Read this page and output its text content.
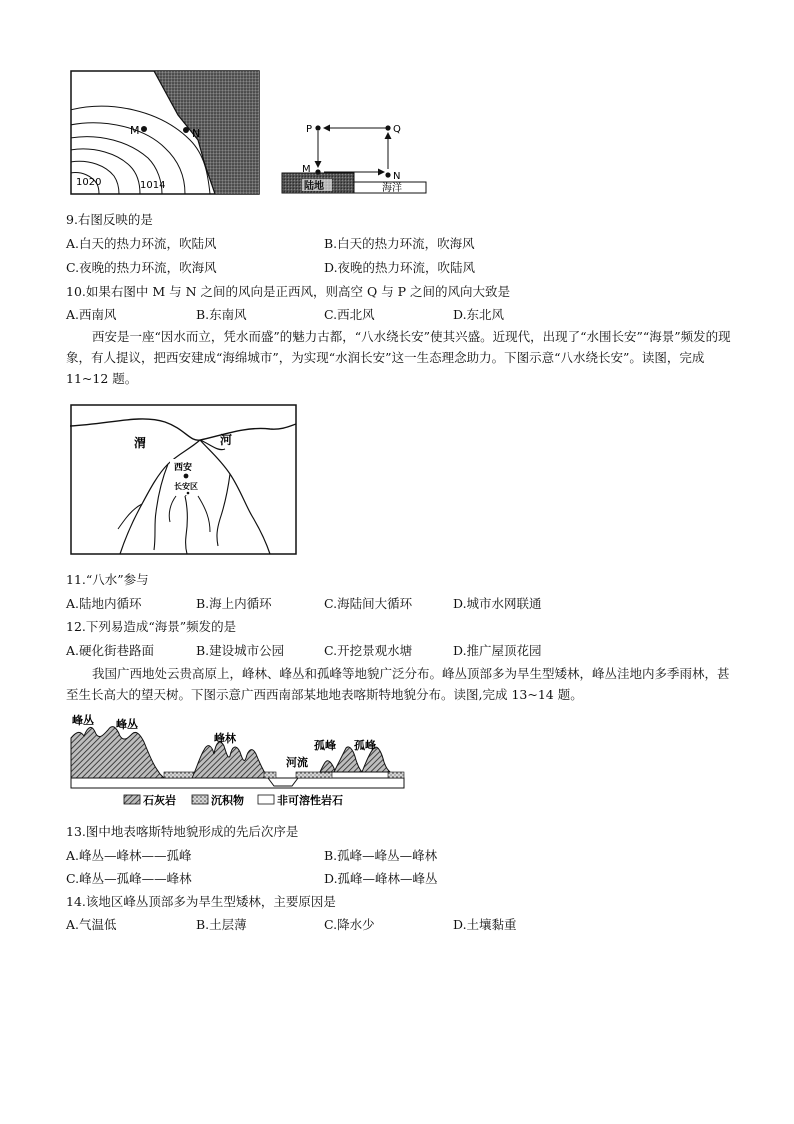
M	N
1020	1014	陆地	海洋
P	Q
M
N
9.右图反映的是
A.白天的热力环流，吹陆风	B.白天的热力环流，吹海风
C.夜晚的热力环流，吹海风	D.夜晚的热力环流，吹陆风
10.如果右图中 M 与 N 之间的风向是正西风，则高空 Q 与 P 之间的风向大致是
A.西南风	B.东南风	C.西北风	D.东北风
西安是一座“因水而立，凭水而盛”的魅力古都，“八水绕长安”使其兴盛。近现代，出现了“水围长安”“海景”频发的现象，有人提议，把西安建成“海绵城市”，为实现“水润长安”这一生态理念助力。下图示意“八水绕长安”。读图，完成 11~12 题。
河
渭
西安
长安区
11.“八水”参与
A.陆地内循环	B.海上内循环	C.海陆间大循环	D.城市水网联通
12.下列易造成“海景”频发的是
A.硬化街巷路面	B.建设城市公园	C.开挖景观水塘	D.推广屋顶花园
我国广西地处云贵高原上，峰林、峰丛和孤峰等地貌广泛分布。峰丛顶部多为旱生型矮林，峰丛洼地内多季雨林，甚至生长高大的望天树。下图示意广西西南部某地地表喀斯特地貌分布。读图,完成 13~14 题。
峰丛 峰丛
峰林
河流
孤峰 孤峰
石灰岩	沉积物	非可溶性岩石
13.图中地表喀斯特地貌形成的先后次序是
A.峰丛—峰林——孤峰	B.孤峰—峰丛—峰林
C.峰丛—孤峰——峰林	D.孤峰—峰林—峰丛
14.该地区峰丛顶部多为旱生型矮林，主要原因是
A.气温低	B.土层薄	C.降水少	D.土壤黏重
